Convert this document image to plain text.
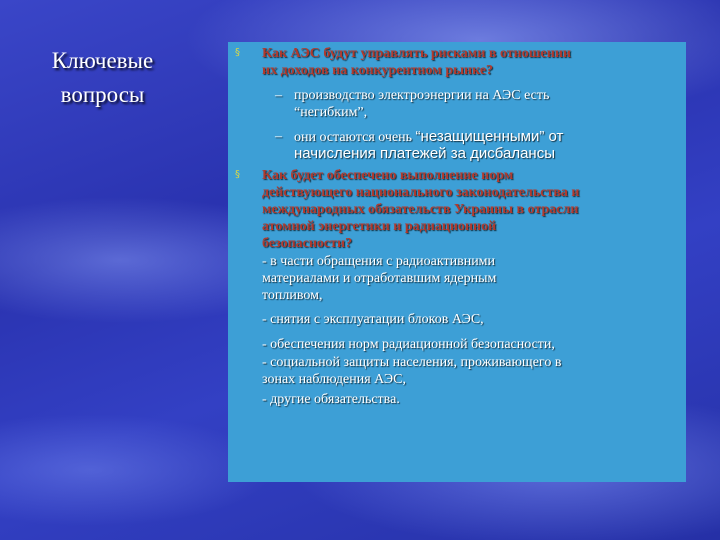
Ключевые
вопросы
§ Как АЭС будут управлять рисками в отношении
их доходов на конкурентном рынке?
– производство электроэнергии на АЭС есть
“негибким”,
– они остаются очень “незащищенными” от
начисления платежей за дисбалансы
§ Как будет обеспечено выполнение норм
действующего национального законодательства и
международных обязательств Украины в отрасли
атомной энергетики и радиационной
безопасности?
- в части обращения с радиоактивними
материалами и отработавшим ядерным
топливом,
- снятия с эксплуатации блоков АЭС,
- обеспечения норм радиационной безопасности,
- социальной защиты населения, проживающего в
зонах наблюдения АЭС,
- другие обязательства.
